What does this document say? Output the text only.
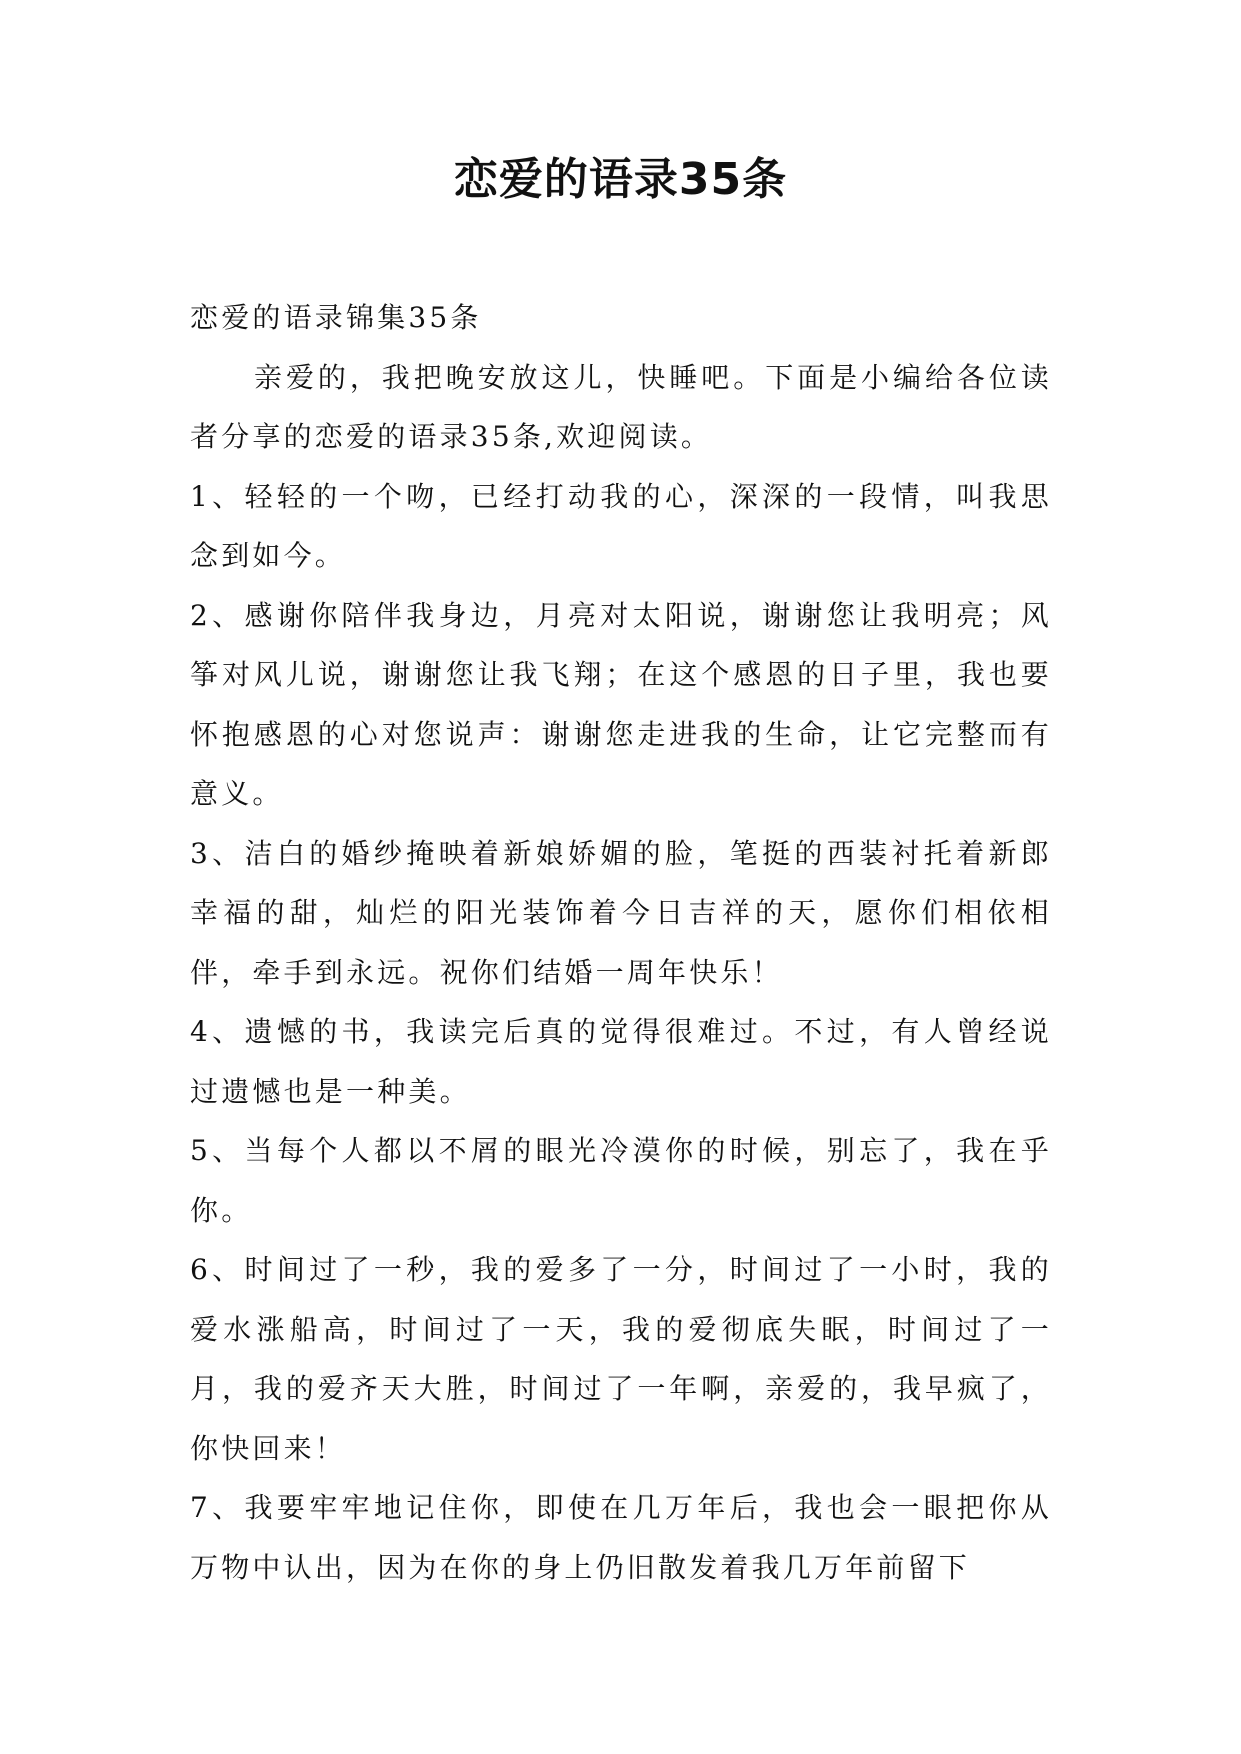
恋爱的语录35条

恋爱的语录锦集35条

亲爱的，我把晚安放这儿，快睡吧。下面是小编给各位读者分享的恋爱的语录35条,欢迎阅读。

1、轻轻的一个吻，已经打动我的心，深深的一段情，叫我思念到如今。

2、感谢你陪伴我身边，月亮对太阳说，谢谢您让我明亮；风筝对风儿说，谢谢您让我飞翔；在这个感恩的日子里，我也要怀抱感恩的心对您说声：谢谢您走进我的生命，让它完整而有意义。

3、洁白的婚纱掩映着新娘娇媚的脸，笔挺的西装衬托着新郎幸福的甜，灿烂的阳光装饰着今日吉祥的天，愿你们相依相伴，牵手到永远。祝你们结婚一周年快乐！

4、遗憾的书，我读完后真的觉得很难过。不过，有人曾经说过遗憾也是一种美。

5、当每个人都以不屑的眼光冷漠你的时候，别忘了，我在乎你。

6、时间过了一秒，我的爱多了一分，时间过了一小时，我的爱水涨船高，时间过了一天，我的爱彻底失眠，时间过了一月，我的爱齐天大胜，时间过了一年啊，亲爱的，我早疯了，你快回来！

7、我要牢牢地记住你，即使在几万年后，我也会一眼把你从万物中认出，因为在你的身上仍旧散发着我几万年前留下
